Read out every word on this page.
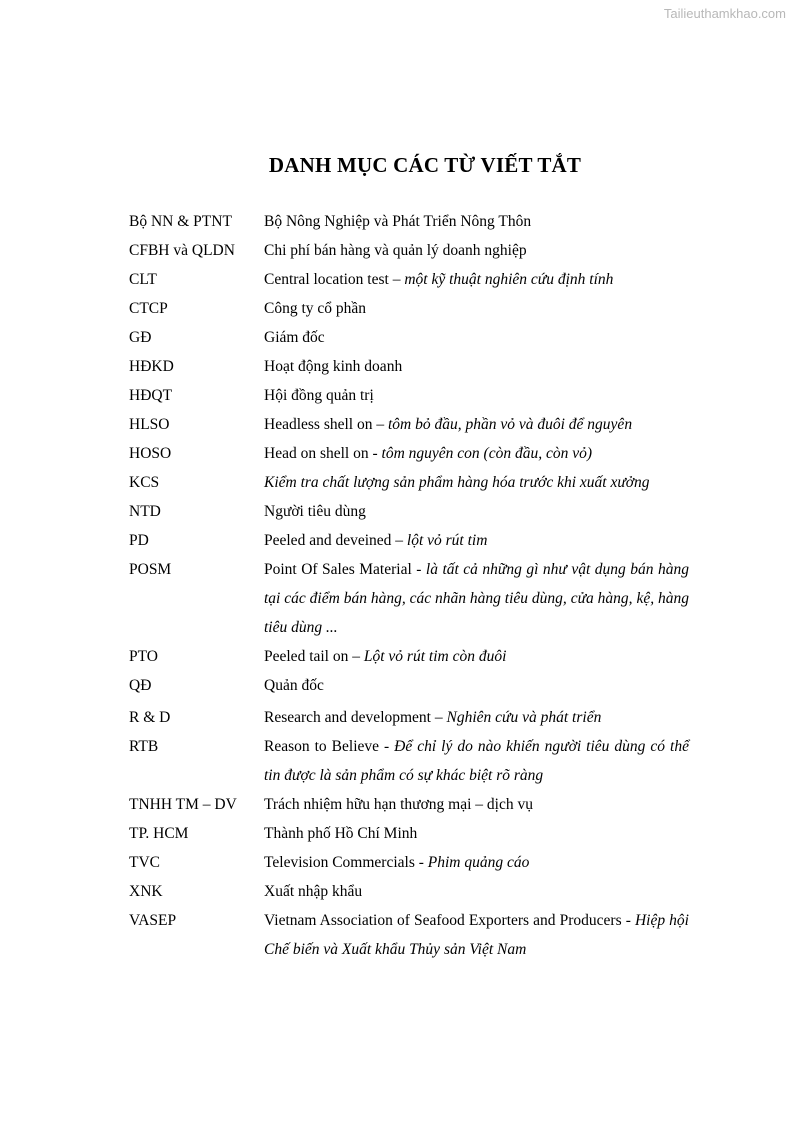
Tailieuthamkhao.com
DANH MỤC CÁC TỪ VIẾT TẮT
Bộ NN & PTNT	Bộ Nông Nghiệp và Phát Triển Nông Thôn
CFBH và QLDN	Chi phí bán hàng và quản lý doanh nghiệp
CLT	Central location test – một kỹ thuật nghiên cứu định tính
CTCP	Công ty cổ phần
GĐ	Giám đốc
HĐKD	Hoạt động kinh doanh
HĐQT	Hội đồng quản trị
HLSO	Headless shell on – tôm bỏ đầu, phần vỏ và đuôi để nguyên
HOSO	Head on shell on - tôm nguyên con (còn đầu, còn vỏ)
KCS	Kiểm tra chất lượng sản phẩm hàng hóa trước khi xuất xưởng
NTD	Người tiêu dùng
PD	Peeled and deveined – lột vỏ rút tim
POSM	Point Of Sales Material - là tất cả những gì như vật dụng bán hàng tại các điểm bán hàng, các nhãn hàng tiêu dùng, cửa hàng, kệ, hàng tiêu dùng ...
PTO	Peeled tail on – Lột vỏ rút tim còn đuôi
QĐ	Quản đốc
R & D	Research and development – Nghiên cứu và phát triển
RTB	Reason to Believe - Để chỉ lý do nào khiến người tiêu dùng có thể tin được là sản phẩm có sự khác biệt rõ ràng
TNHH TM – DV	Trách nhiệm hữu hạn thương mại – dịch vụ
TP. HCM	Thành phố Hồ Chí Minh
TVC	Television Commercials - Phim quảng cáo
XNK	Xuất nhập khẩu
VASEP	Vietnam Association of Seafood Exporters and Producers - Hiệp hội Chế biến và Xuất khẩu Thủy sản Việt Nam
